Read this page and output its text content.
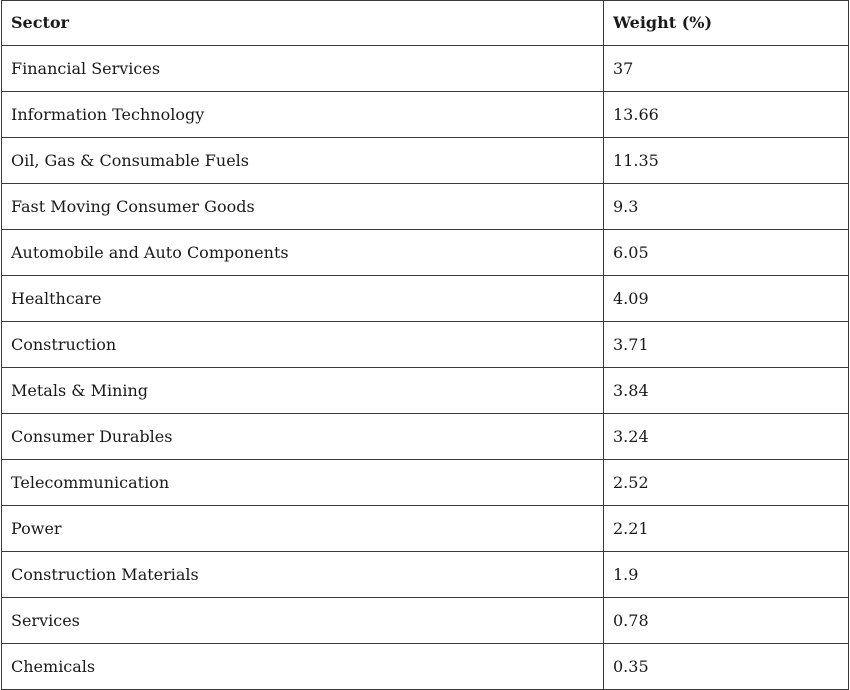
Sector	Weight (%)
Financial Services	37
Information Technology	13.66
Oil, Gas & Consumable Fuels	11.35
Fast Moving Consumer Goods	9.3
Automobile and Auto Components	6.05
Healthcare	4.09
Construction	3.71
Metals & Mining	3.84
Consumer Durables	3.24
Telecommunication	2.52
Power	2.21
Construction Materials	1.9
Services	0.78
Chemicals	0.35
